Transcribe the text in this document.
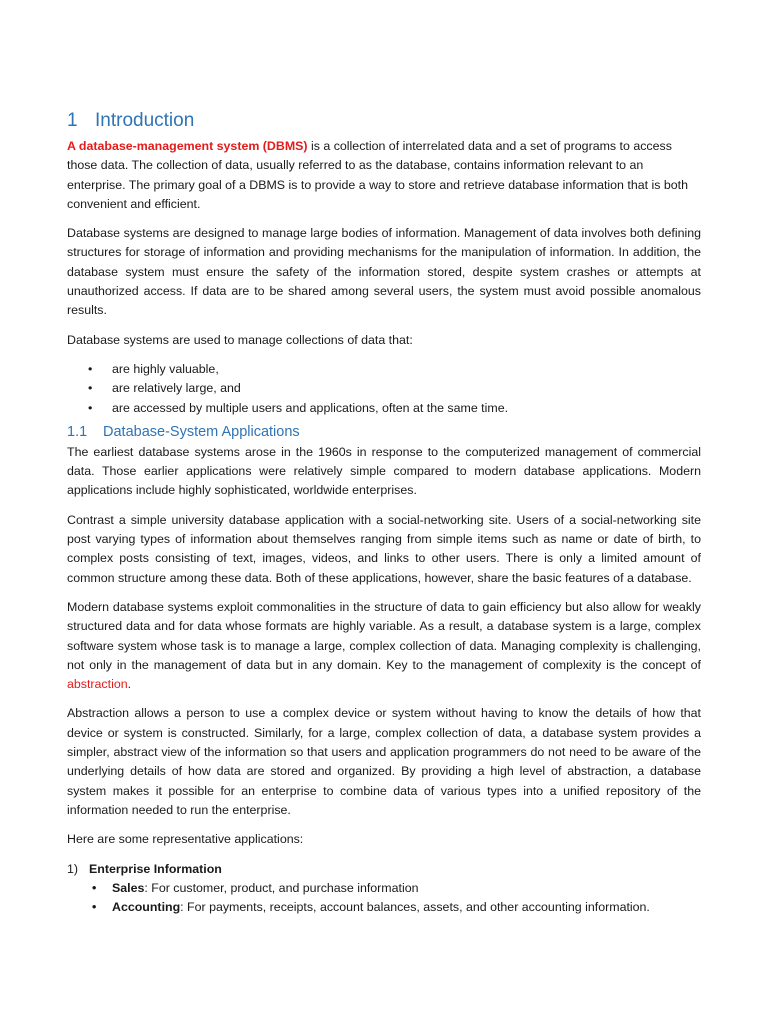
1 Introduction

A database-management system (DBMS) is a collection of interrelated data and a set of programs to access those data. The collection of data, usually referred to as the database, contains information relevant to an enterprise. The primary goal of a DBMS is to provide a way to store and retrieve database information that is both convenient and efficient.

Database systems are designed to manage large bodies of information. Management of data involves both defining structures for storage of information and providing mechanisms for the manipulation of information. In addition, the database system must ensure the safety of the information stored, despite system crashes or attempts at unauthorized access. If data are to be shared among several users, the system must avoid possible anomalous results.

Database systems are used to manage collections of data that:

• are highly valuable,
• are relatively large, and
• are accessed by multiple users and applications, often at the same time.
1.1 Database-System Applications

The earliest database systems arose in the 1960s in response to the computerized management of commercial data. Those earlier applications were relatively simple compared to modern database applications. Modern applications include highly sophisticated, worldwide enterprises.

Contrast a simple university database application with a social-networking site. Users of a social-networking site post varying types of information about themselves ranging from simple items such as name or date of birth, to complex posts consisting of text, images, videos, and links to other users. There is only a limited amount of common structure among these data. Both of these applications, however, share the basic features of a database.

Modern database systems exploit commonalities in the structure of data to gain efficiency but also allow for weakly structured data and for data whose formats are highly variable. As a result, a database system is a large, complex software system whose task is to manage a large, complex collection of data. Managing complexity is challenging, not only in the management of data but in any domain. Key to the management of complexity is the concept of abstraction.

Abstraction allows a person to use a complex device or system without having to know the details of how that device or system is constructed. Similarly, for a large, complex collection of data, a database system provides a simpler, abstract view of the information so that users and application programmers do not need to be aware of the underlying details of how data are stored and organized. By providing a high level of abstraction, a database system makes it possible for an enterprise to combine data of various types into a unified repository of the information needed to run the enterprise.

Here are some representative applications:

1) Enterprise Information
• Sales: For customer, product, and purchase information
• Accounting: For payments, receipts, account balances, assets, and other accounting information.
